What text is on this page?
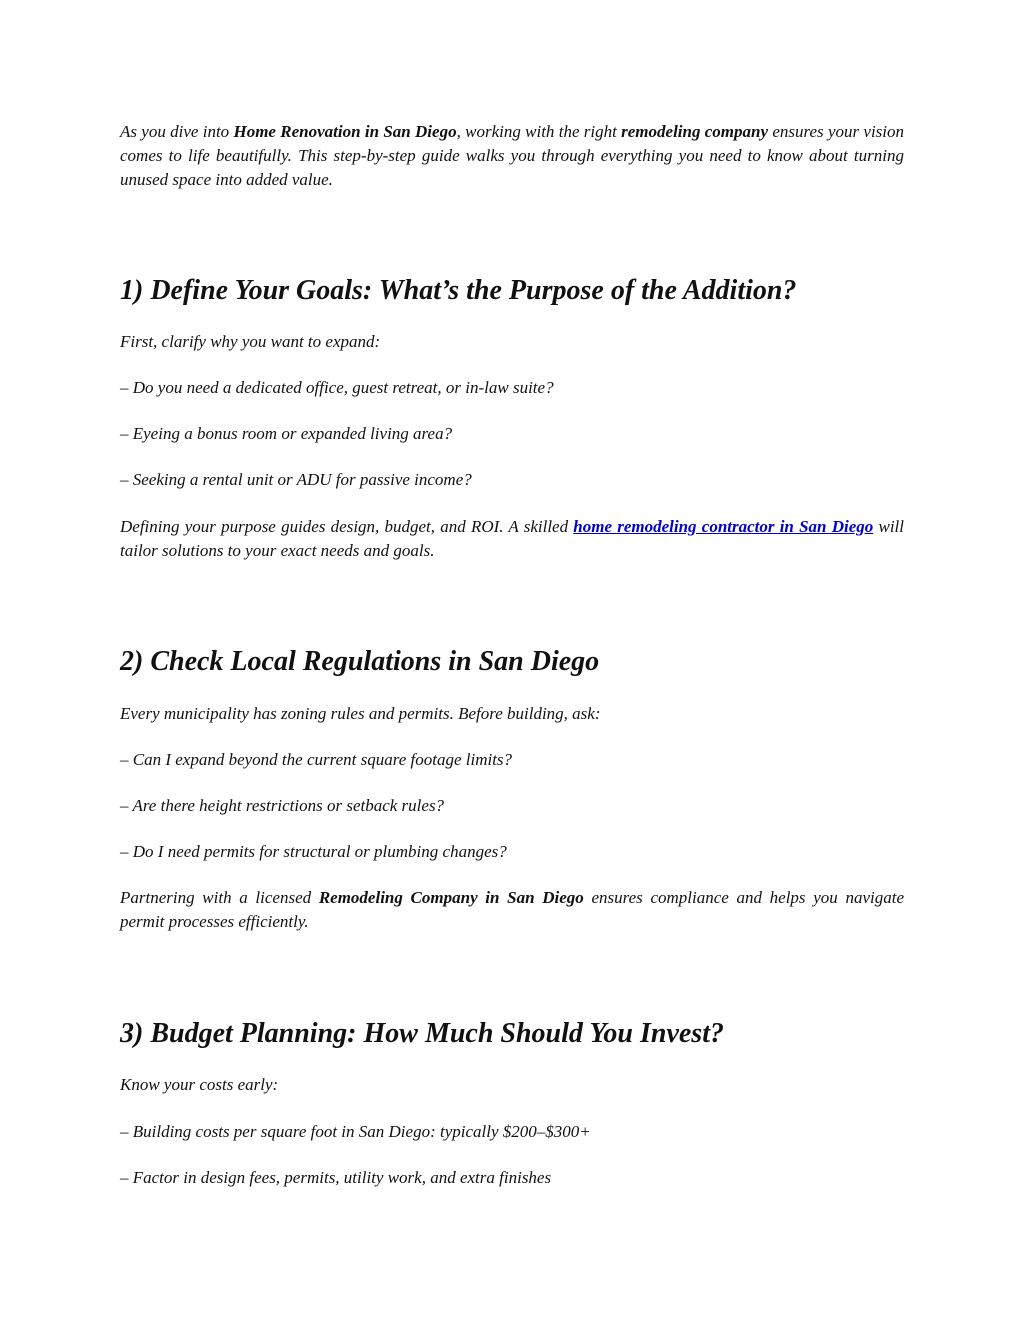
As you dive into Home Renovation in San Diego, working with the right remodeling company ensures your vision comes to life beautifully. This step-by-step guide walks you through everything you need to know about turning unused space into added value.

1) Define Your Goals: What’s the Purpose of the Addition?

First, clarify why you want to expand:

– Do you need a dedicated office, guest retreat, or in-law suite?

– Eyeing a bonus room or expanded living area?

– Seeking a rental unit or ADU for passive income?

Defining your purpose guides design, budget, and ROI. A skilled home remodeling contractor in San Diego will tailor solutions to your exact needs and goals.

2) Check Local Regulations in San Diego

Every municipality has zoning rules and permits. Before building, ask:

– Can I expand beyond the current square footage limits?

– Are there height restrictions or setback rules?

– Do I need permits for structural or plumbing changes?

Partnering with a licensed Remodeling Company in San Diego ensures compliance and helps you navigate permit processes efficiently.

3) Budget Planning: How Much Should You Invest?

Know your costs early:

– Building costs per square foot in San Diego: typically $200–$300+

– Factor in design fees, permits, utility work, and extra finishes
